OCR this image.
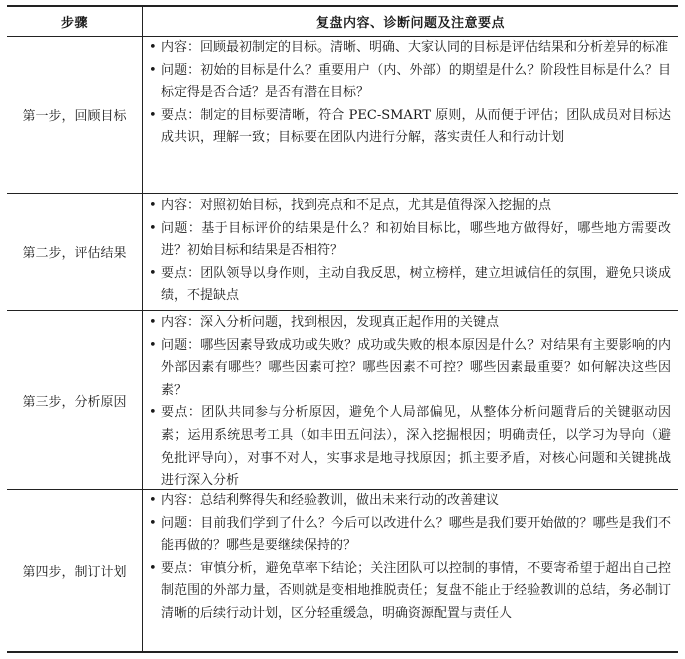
步骤	复盘内容、诊断问题及注意要点
第一步，回顾目标
• 内容：回顾最初制定的目标。清晰、明确、大家认同的目标是评估结果和分析差异的标准
• 问题：初始的目标是什么？重要用户（内、外部）的期望是什么？阶段性目标是什么？目标定得是否合适？是否有潜在目标？
• 要点：制定的目标要清晰，符合 PEC-SMART 原则，从而便于评估；团队成员对目标达成共识，理解一致；目标要在团队内进行分解，落实责任人和行动计划
第二步，评估结果
• 内容：对照初始目标，找到亮点和不足点，尤其是值得深入挖掘的点
• 问题：基于目标评价的结果是什么？和初始目标比，哪些地方做得好，哪些地方需要改进？初始目标和结果是否相符？
• 要点：团队领导以身作则，主动自我反思，树立榜样，建立坦诚信任的氛围，避免只谈成绩，不提缺点
第三步，分析原因
• 内容：深入分析问题，找到根因，发现真正起作用的关键点
• 问题：哪些因素导致成功或失败？成功或失败的根本原因是什么？对结果有主要影响的内外部因素有哪些？哪些因素可控？哪些因素不可控？哪些因素最重要？如何解决这些因素？
• 要点：团队共同参与分析原因，避免个人局部偏见，从整体分析问题背后的关键驱动因素；运用系统思考工具（如丰田五问法），深入挖掘根因；明确责任，以学习为导向（避免批评导向），对事不对人，实事求是地寻找原因；抓主要矛盾，对核心问题和关键挑战进行深入分析
第四步，制订计划
• 内容：总结利弊得失和经验教训，做出未来行动的改善建议
• 问题：目前我们学到了什么？今后可以改进什么？哪些是我们要开始做的？哪些是我们不能再做的？哪些是要继续保持的？
• 要点：审慎分析，避免草率下结论；关注团队可以控制的事情，不要寄希望于超出自己控制范围的外部力量，否则就是变相地推脱责任；复盘不能止于经验教训的总结，务必制订清晰的后续行动计划，区分轻重缓急，明确资源配置与责任人
